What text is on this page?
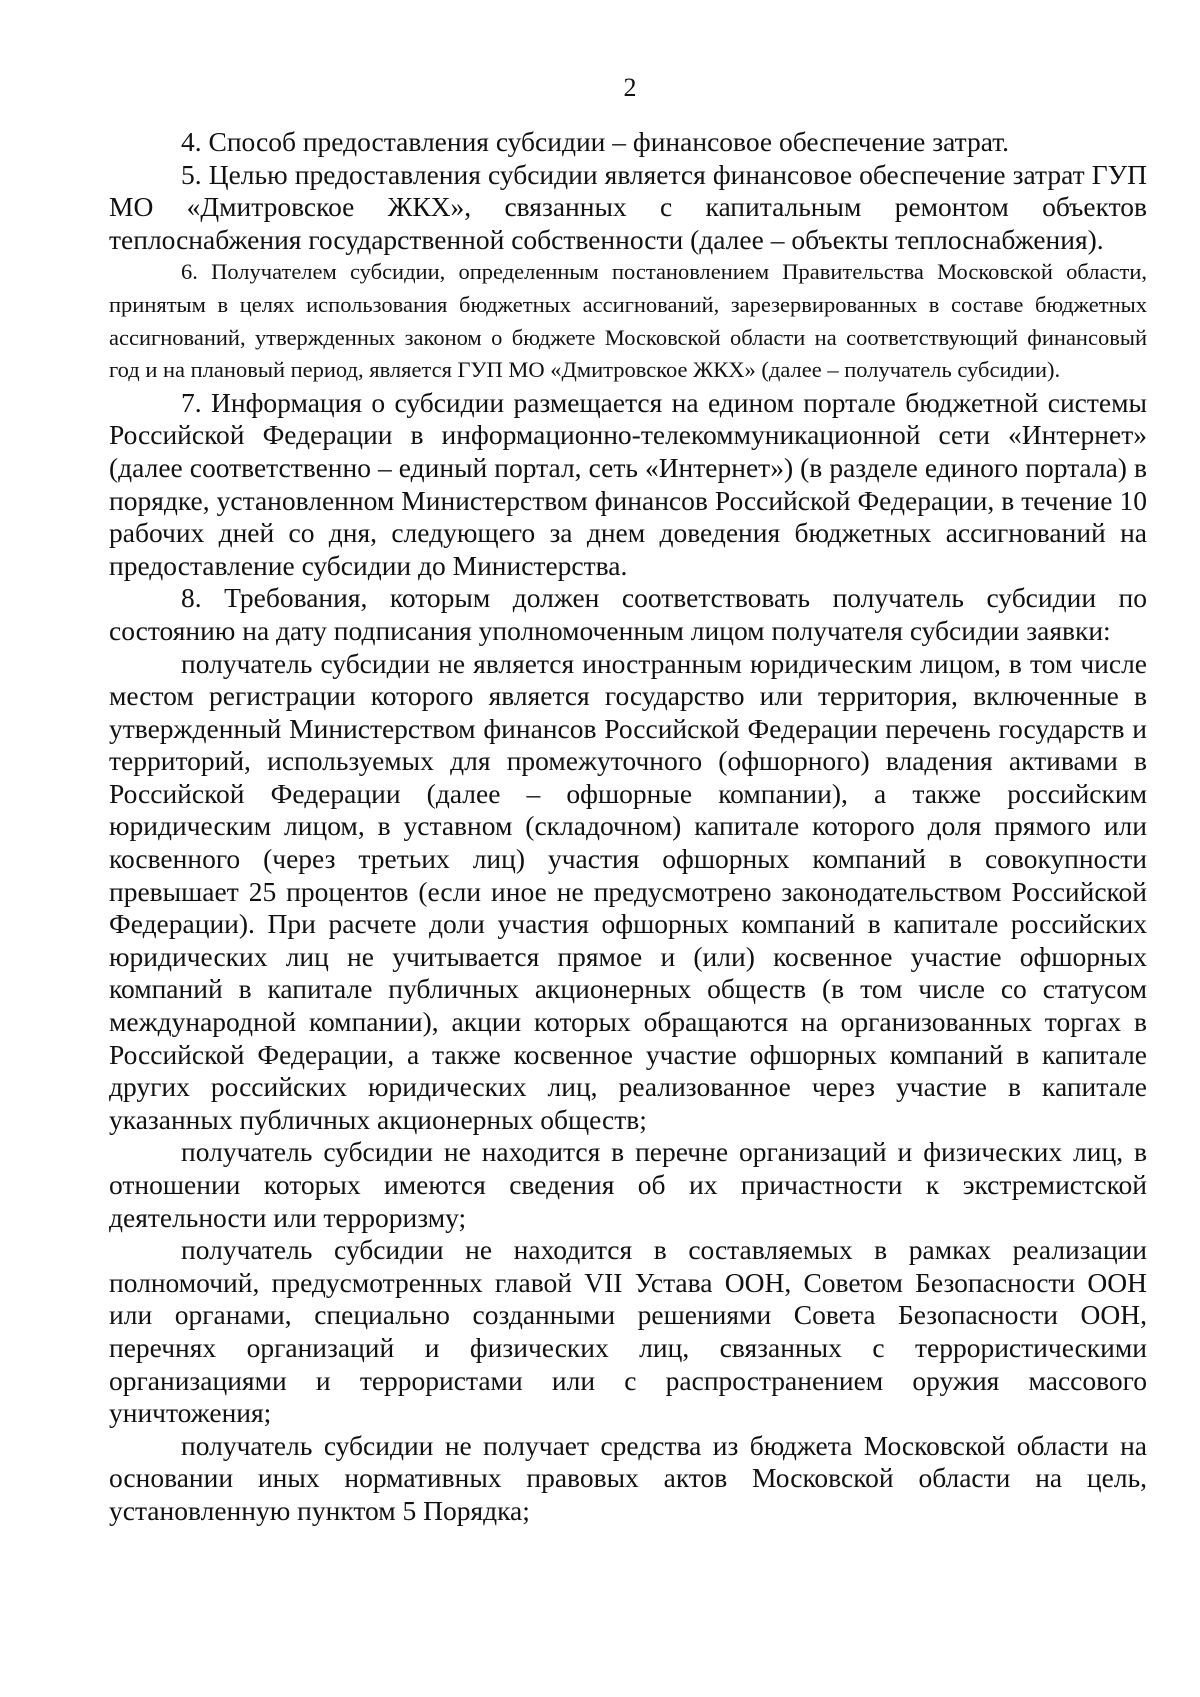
2

4. Способ предоставления субсидии – финансовое обеспечение затрат.

5. Целью предоставления субсидии является финансовое обеспечение затрат ГУП МО «Дмитровское ЖКХ», связанных с капитальным ремонтом объектов теплоснабжения государственной собственности (далее – объекты теплоснабжения).

6. Получателем субсидии, определенным постановлением Правительства Московской области, принятым в целях использования бюджетных ассигнований, зарезервированных в составе бюджетных ассигнований, утвержденных законом о бюджете Московской области на соответствующий финансовый год и на плановый период, является ГУП МО «Дмитровское ЖКХ» (далее – получатель субсидии).

7. Информация о субсидии размещается на едином портале бюджетной системы Российской Федерации в информационно-телекоммуникационной сети «Интернет» (далее соответственно – единый портал, сеть «Интернет») (в разделе единого портала) в порядке, установленном Министерством финансов Российской Федерации, в течение 10 рабочих дней со дня, следующего за днем доведения бюджетных ассигнований на предоставление субсидии до Министерства.

8. Требования, которым должен соответствовать получатель субсидии по состоянию на дату подписания уполномоченным лицом получателя субсидии заявки:

получатель субсидии не является иностранным юридическим лицом, в том числе местом регистрации которого является государство или территория, включенные в утвержденный Министерством финансов Российской Федерации перечень государств и территорий, используемых для промежуточного (офшорного) владения активами в Российской Федерации (далее – офшорные компании), а также российским юридическим лицом, в уставном (складочном) капитале которого доля прямого или косвенного (через третьих лиц) участия офшорных компаний в совокупности превышает 25 процентов (если иное не предусмотрено законодательством Российской Федерации). При расчете доли участия офшорных компаний в капитале российских юридических лиц не учитывается прямое и (или) косвенное участие офшорных компаний в капитале публичных акционерных обществ (в том числе со статусом международной компании), акции которых обращаются на организованных торгах в Российской Федерации, а также косвенное участие офшорных компаний в капитале других российских юридических лиц, реализованное через участие в капитале указанных публичных акционерных обществ;

получатель субсидии не находится в перечне организаций и физических лиц, в отношении которых имеются сведения об их причастности к экстремистской деятельности или терроризму;

получатель субсидии не находится в составляемых в рамках реализации полномочий, предусмотренных главой VII Устава ООН, Советом Безопасности ООН или органами, специально созданными решениями Совета Безопасности ООН, перечнях организаций и физических лиц, связанных с террористическими организациями и террористами или с распространением оружия массового уничтожения;

получатель субсидии не получает средства из бюджета Московской области на основании иных нормативных правовых актов Московской области на цель, установленную пунктом 5 Порядка;
